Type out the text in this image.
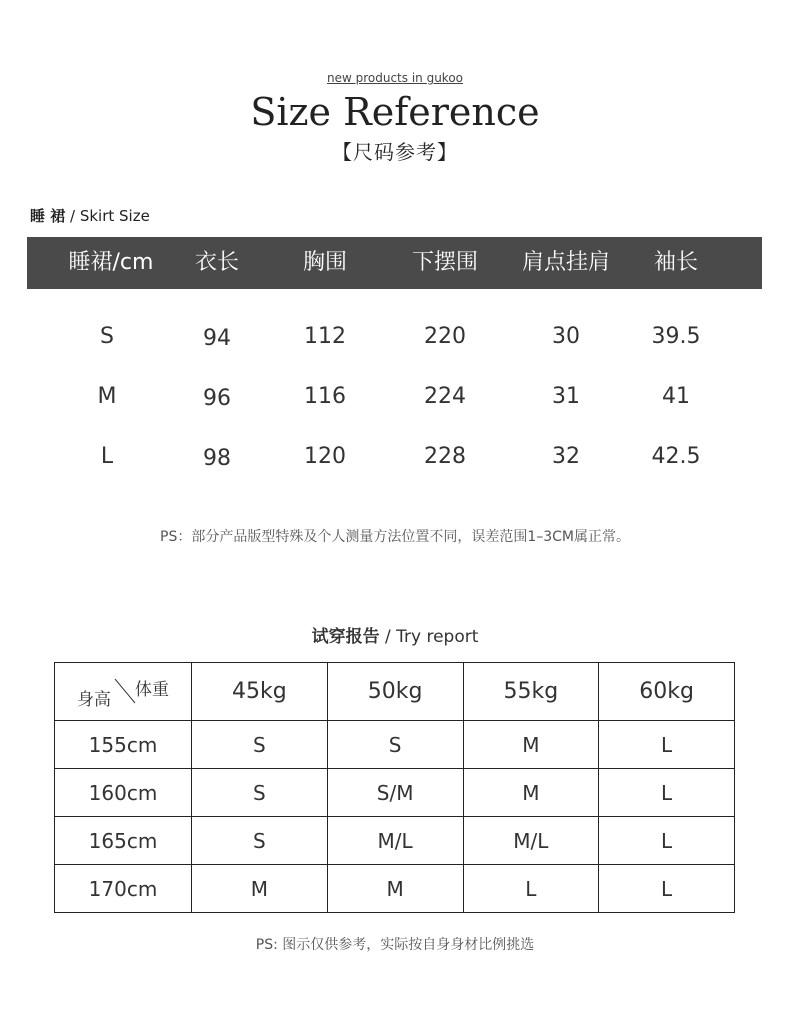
new products in gukoo
Size Reference
【尺码参考】
睡 裙 / Skirt Size
睡裙/cm 衣长	胸围	下摆围 肩点挂肩 袖长
S	94	112	220	30	39.5
M	96	116	224	31	41
L	98	120	228	32	42.5
PS：部分产品版型特殊及个人测量方法位置不同，误差范围1–3CM属正常。
试穿报告 / Try report
身高 体重	45kg	50kg	55kg	60kg
155cm	S	S	M	L
160cm	S	S/M	M	L
165cm	S	M/L	M/L	L
170cm	M	M	L	L
PS: 图示仅供参考，实际按自身身材比例挑选
